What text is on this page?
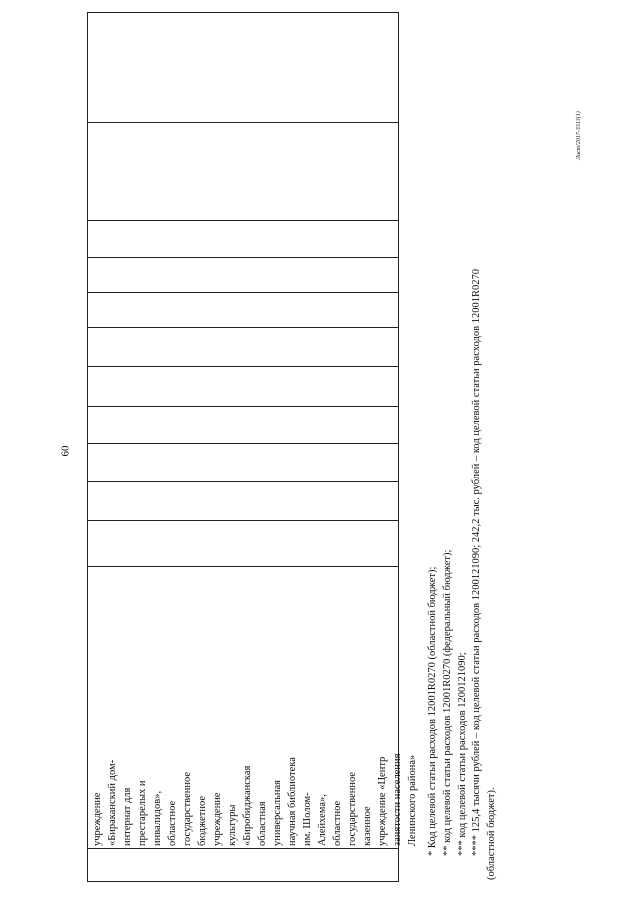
60
учреждение «Бираканский дом- интернат для престарелых и инвалидов», областное государственное бюджетное учреждение культуры «Биробиджанская областная универсальная научная библиотека им. Шолом- Алейхема», областное государственное казенное учреждение «Центр занятости населения Ленинского района» * Код целевой статьи расходов 12001R0270 (областной бюджет); ** код целевой статьи расходов 12001R0270 (федеральный бюджет); *** код целевой статьи расходов 1200121090; **** 125,4 тысячи рублей – код целевой статьи расходов 1200121090; 242,2 тыс. рублей – код целевой статьи расходов 12001R0270 (областной бюджет).
Лист/2017-3313(1)
